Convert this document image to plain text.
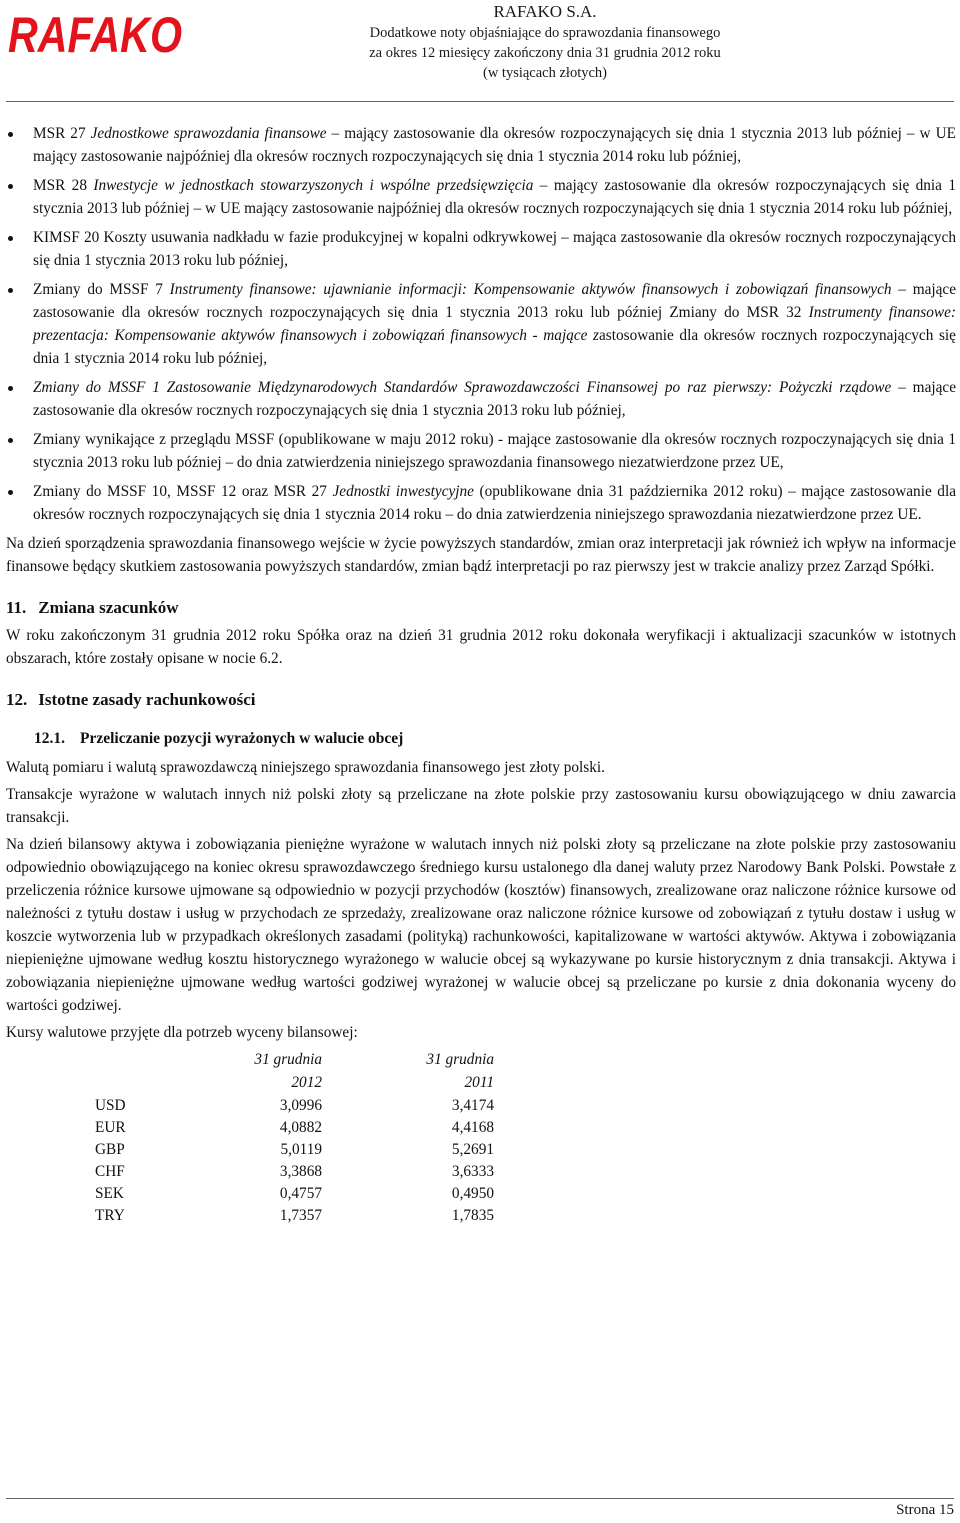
RAFAKO	RAFAKO S.A.
Dodatkowe noty objaśniające do sprawozdania finansowego
za okres 12 miesięcy zakończony dnia 31 grudnia 2012 roku
(w tysiącach złotych)
MSR 27 Jednostkowe sprawozdania finansowe – mający zastosowanie dla okresów rozpoczynających się dnia 1 stycznia 2013 lub później – w UE mający zastosowanie najpóźniej dla okresów rocznych rozpoczynających się dnia 1 stycznia 2014 roku lub później,
MSR 28 Inwestycje w jednostkach stowarzyszonych i wspólne przedsięwzięcia – mający zastosowanie dla okresów rozpoczynających się dnia 1 stycznia 2013 lub później – w UE mający zastosowanie najpóźniej dla okresów rocznych rozpoczynających się dnia 1 stycznia 2014 roku lub później,
KIMSF 20 Koszty usuwania nadkładu w fazie produkcyjnej w kopalni odkrywkowej – mająca zastosowanie dla okresów rocznych rozpoczynających się dnia 1 stycznia 2013 roku lub później,
Zmiany do MSSF 7 Instrumenty finansowe: ujawnianie informacji: Kompensowanie aktywów finansowych i zobowiązań finansowych – mające zastosowanie dla okresów rocznych rozpoczynających się dnia 1 stycznia 2013 roku lub później Zmiany do MSR 32 Instrumenty finansowe: prezentacja: Kompensowanie aktywów finansowych i zobowiązań finansowych - mające zastosowanie dla okresów rocznych rozpoczynających się dnia 1 stycznia 2014 roku lub później,
Zmiany do MSSF 1 Zastosowanie Międzynarodowych Standardów Sprawozdawczości Finansowej po raz pierwszy: Pożyczki rządowe – mające zastosowanie dla okresów rocznych rozpoczynających się dnia 1 stycznia 2013 roku lub później,
Zmiany wynikające z przeglądu MSSF (opublikowane w maju 2012 roku) - mające zastosowanie dla okresów rocznych rozpoczynających się dnia 1 stycznia 2013 roku lub później – do dnia zatwierdzenia niniejszego sprawozdania finansowego niezatwierdzone przez UE,
Zmiany do MSSF 10, MSSF 12 oraz MSR 27 Jednostki inwestycyjne (opublikowane dnia 31 października 2012 roku) – mające zastosowanie dla okresów rocznych rozpoczynających się dnia 1 stycznia 2014 roku – do dnia zatwierdzenia niniejszego sprawozdania niezatwierdzone przez UE.

Na dzień sporządzenia sprawozdania finansowego wejście w życie powyższych standardów, zmian oraz interpretacji jak również ich wpływ na informacje finansowe będący skutkiem zastosowania powyższych standardów, zmian bądź interpretacji po raz pierwszy jest w trakcie analizy przez Zarząd Spółki.

11. Zmiana szacunków

W roku zakończonym 31 grudnia 2012 roku Spółka oraz na dzień 31 grudnia 2012 roku dokonała weryfikacji i aktualizacji szacunków w istotnych obszarach, które zostały opisane w nocie 6.2.

12. Istotne zasady rachunkowości
12.1. Przeliczanie pozycji wyrażonych w walucie obcej

Walutą pomiaru i walutą sprawozdawczą niniejszego sprawozdania finansowego jest złoty polski.

Transakcje wyrażone w walutach innych niż polski złoty są przeliczane na złote polskie przy zastosowaniu kursu obowiązującego w dniu zawarcia transakcji.

Na dzień bilansowy aktywa i zobowiązania pieniężne wyrażone w walutach innych niż polski złoty są przeliczane na złote polskie przy zastosowaniu odpowiednio obowiązującego na koniec okresu sprawozdawczego średniego kursu ustalonego dla danej waluty przez Narodowy Bank Polski. Powstałe z przeliczenia różnice kursowe ujmowane są odpowiednio w pozycji przychodów (kosztów) finansowych, zrealizowane oraz naliczone różnice kursowe od należności z tytułu dostaw i usług w przychodach ze sprzedaży, zrealizowane oraz naliczone różnice kursowe od zobowiązań z tytułu dostaw i usług w koszcie wytworzenia lub w przypadkach określonych zasadami (polityką) rachunkowości, kapitalizowane w wartości aktywów. Aktywa i zobowiązania niepieniężne ujmowane według kosztu historycznego wyrażonego w walucie obcej są wykazywane po kursie historycznym z dnia transakcji. Aktywa i zobowiązania niepieniężne ujmowane według wartości godziwej wyrażonej w walucie obcej są przeliczane po kursie z dnia dokonania wyceny do wartości godziwej.

Kursy walutowe przyjęte dla potrzeb wyceny bilansowej:

31 grudnia 2012
31 grudnia 2011
USD	3,0996	3,4174
EUR	4,0882	4,4168
GBP	5,0119	5,2691
CHF	3,3868	3,6333
SEK	0,4757	0,4950
TRY	1,7357	1,7835
Strona 15
